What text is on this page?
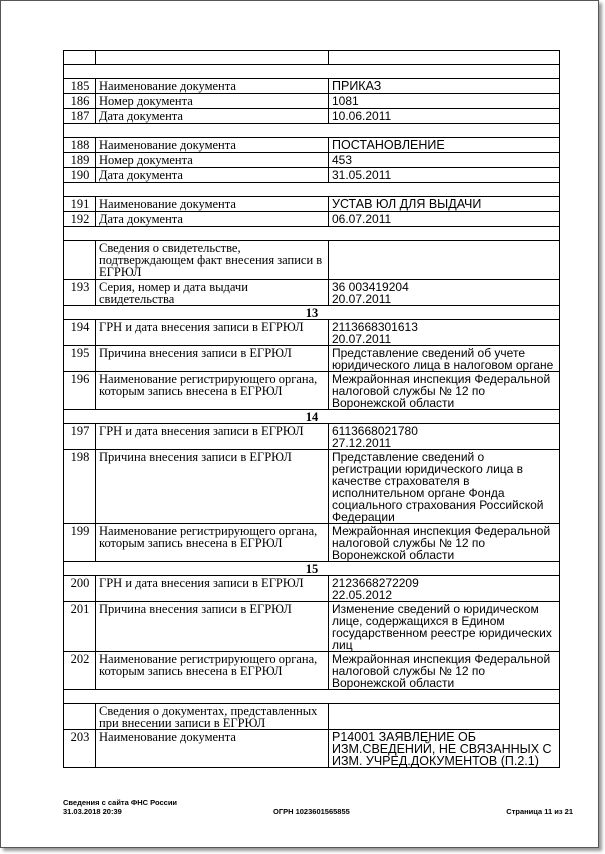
185	Наименование документа	ПРИКАЗ
186	Номер документа	1081
187	Дата документа	10.06.2011

188	Наименование документа	ПОСТАНОВЛЕНИЕ
189	Номер документа	453
190	Дата документа	31.05.2011

191	Наименование документа	УСТАВ ЮЛ ДЛЯ ВЫДАЧИ
192	Дата документа	06.07.2011

	Сведения о свидетельстве, подтверждающем факт внесения записи в ЕГРЮЛ	
193	Серия, номер и дата выдачи свидетельства	36 003419204
20.07.2011

13		
194	ГРН и дата внесения записи в ЕГРЮЛ	2113668301613
20.07.2011

195	Причина внесения записи в ЕГРЮЛ	Представление сведений об учете юридического лица в налоговом органе
196	Наименование регистрирующего органа, которым запись внесена в ЕГРЮЛ	Межрайонная инспекция Федеральной налоговой службы № 12 по Воронежской области
14		
197	ГРН и дата внесения записи в ЕГРЮЛ	6113668021780
27.12.2011

198	Причина внесения записи в ЕГРЮЛ	Представление сведений о регистрации юридического лица в качестве страхователя в исполнительном органе Фонда социального страхования Российской Федерации
199	Наименование регистрирующего органа, которым запись внесена в ЕГРЮЛ	Межрайонная инспекция Федеральной налоговой службы № 12 по Воронежской области
15		
200	ГРН и дата внесения записи в ЕГРЮЛ	2123668272209
22.05.2012

201	Причина внесения записи в ЕГРЮЛ	Изменение сведений о юридическом лице, содержащихся в Едином государственном реестре юридических лиц
202	Наименование регистрирующего органа, которым запись внесена в ЕГРЮЛ	Межрайонная инспекция Федеральной налоговой службы № 12 по Воронежской области

	Сведения о документах, представленных при внесении записи в ЕГРЮЛ	
203	Наименование документа	Р14001 ЗАЯВЛЕНИЕ ОБ ИЗМ.СВЕДЕНИЙ, НЕ СВЯЗАННЫХ С ИЗМ. УЧРЕД.ДОКУМЕНТОВ (П.2.1)
Сведения с сайта ФНС России
31.03.2018 20:39	ОГРН 1023601565855	Страница 11 из 21
